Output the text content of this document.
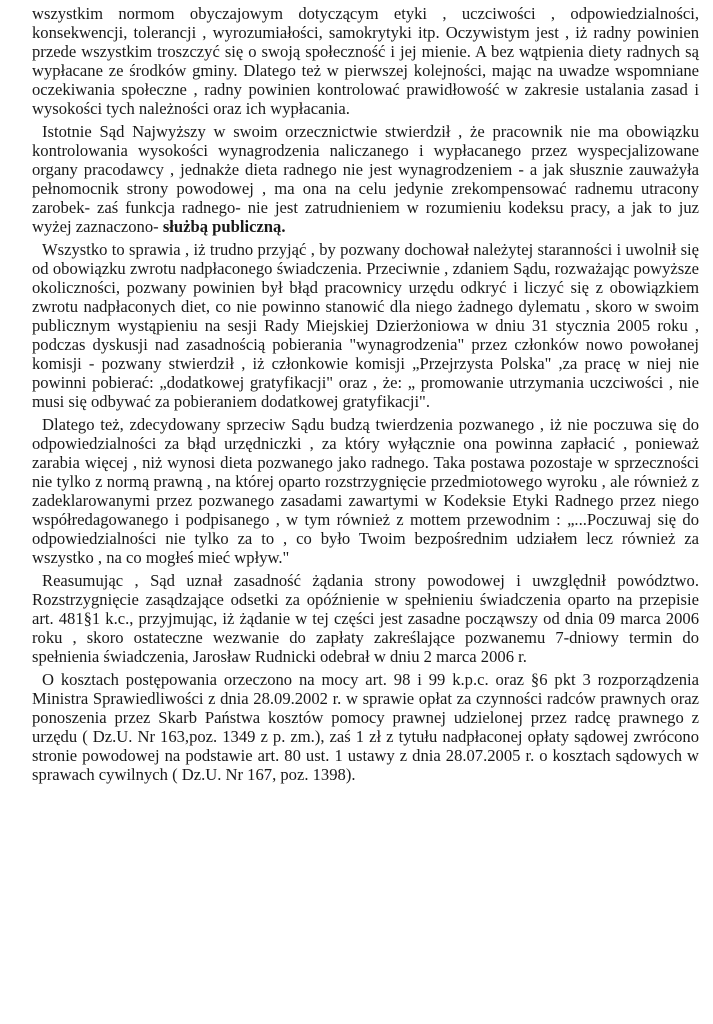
wszystkim normom obyczajowym dotyczącym etyki , uczciwości , odpowiedzialności, konsekwencji, tolerancji , wyrozumiałości, samokrytyki itp. Oczywistym jest , iż radny powinien przede wszystkim troszczyć się o swoją społeczność i jej mienie. A bez wątpienia diety radnych są wypłacane ze środków gminy. Dlatego też w pierwszej kolejności, mając na uwadze wspomniane oczekiwania społeczne , radny powinien kontrolować prawidłowość w zakresie ustalania zasad i wysokości tych należności oraz ich wypłacania.

Istotnie Sąd Najwyższy w swoim orzecznictwie stwierdził , że pracownik nie ma obowiązku kontrolowania wysokości wynagrodzenia naliczanego i wypłacanego przez wyspecjalizowane organy pracodawcy , jednakże dieta radnego nie jest wynagrodzeniem - a jak słusznie zauważyła pełnomocnik strony powodowej , ma ona na celu jedynie zrekompensować radnemu utracony zarobek- zaś funkcja radnego- nie jest zatrudnieniem w rozumieniu kodeksu pracy, a jak to juz wyżej zaznaczono- służbą publiczną.

Wszystko to sprawia , iż trudno przyjąć , by pozwany dochował należytej staranności i uwolnił się od obowiązku zwrotu nadpłaconego świadczenia. Przeciwnie , zdaniem Sądu, rozważając powyższe okoliczności, pozwany powinien był błąd pracownicy urzędu odkryć i liczyć się z obowiązkiem zwrotu nadpłaconych diet, co nie powinno stanowić dla niego żadnego dylematu , skoro w swoim publicznym wystąpieniu na sesji Rady Miejskiej Dzierżoniowa w dniu 31 stycznia 2005 roku , podczas dyskusji nad zasadnością pobierania "wynagrodzenia" przez członków nowo powołanej komisji - pozwany stwierdził , iż członkowie komisji „Przejrzysta Polska" ,za pracę w niej nie powinni pobierać: „dodatkowej gratyfikacji" oraz , że: „ promowanie utrzymania uczciwości , nie musi się odbywać za pobieraniem dodatkowej gratyfikacji".

Dlatego też, zdecydowany sprzeciw Sądu budzą twierdzenia pozwanego , iż nie poczuwa się do odpowiedzialności za błąd urzędniczki , za który wyłącznie ona powinna zapłacić , ponieważ zarabia więcej , niż wynosi dieta pozwanego jako radnego. Taka postawa pozostaje w sprzeczności nie tylko z normą prawną , na której oparto rozstrzygnięcie przedmiotowego wyroku , ale również z zadeklarowanymi przez pozwanego zasadami zawartymi w Kodeksie Etyki Radnego przez niego współredagowanego i podpisanego , w tym również z mottem przewodnim : „...Poczuwaj się do odpowiedzialności nie tylko za to , co było Twoim bezpośrednim udziałem lecz również za wszystko , na co mogłeś mieć wpływ."

Reasumując , Sąd uznał zasadność żądania strony powodowej i uwzględnił powództwo. Rozstrzygnięcie zasądzające odsetki za opóźnienie w spełnieniu świadczenia oparto na przepisie art. 481§1 k.c., przyjmując, iż żądanie w tej części jest zasadne począwszy od dnia 09 marca 2006 roku , skoro ostateczne wezwanie do zapłaty zakreślające pozwanemu 7-dniowy termin do spełnienia świadczenia, Jarosław Rudnicki odebrał w dniu 2 marca 2006 r.

O kosztach postępowania orzeczono na mocy art. 98 i 99 k.p.c. oraz §6 pkt 3 rozporządzenia Ministra Sprawiedliwości z dnia 28.09.2002 r. w sprawie opłat za czynności radców prawnych oraz ponoszenia przez Skarb Państwa kosztów pomocy prawnej udzielonej przez radcę prawnego z urzędu ( Dz.U. Nr 163,poz. 1349 z p. zm.), zaś 1 zł z tytułu nadpłaconej opłaty sądowej zwrócono stronie powodowej na podstawie art. 80 ust. 1 ustawy z dnia 28.07.2005 r. o kosztach sądowych w sprawach cywilnych ( Dz.U. Nr 167, poz. 1398).
